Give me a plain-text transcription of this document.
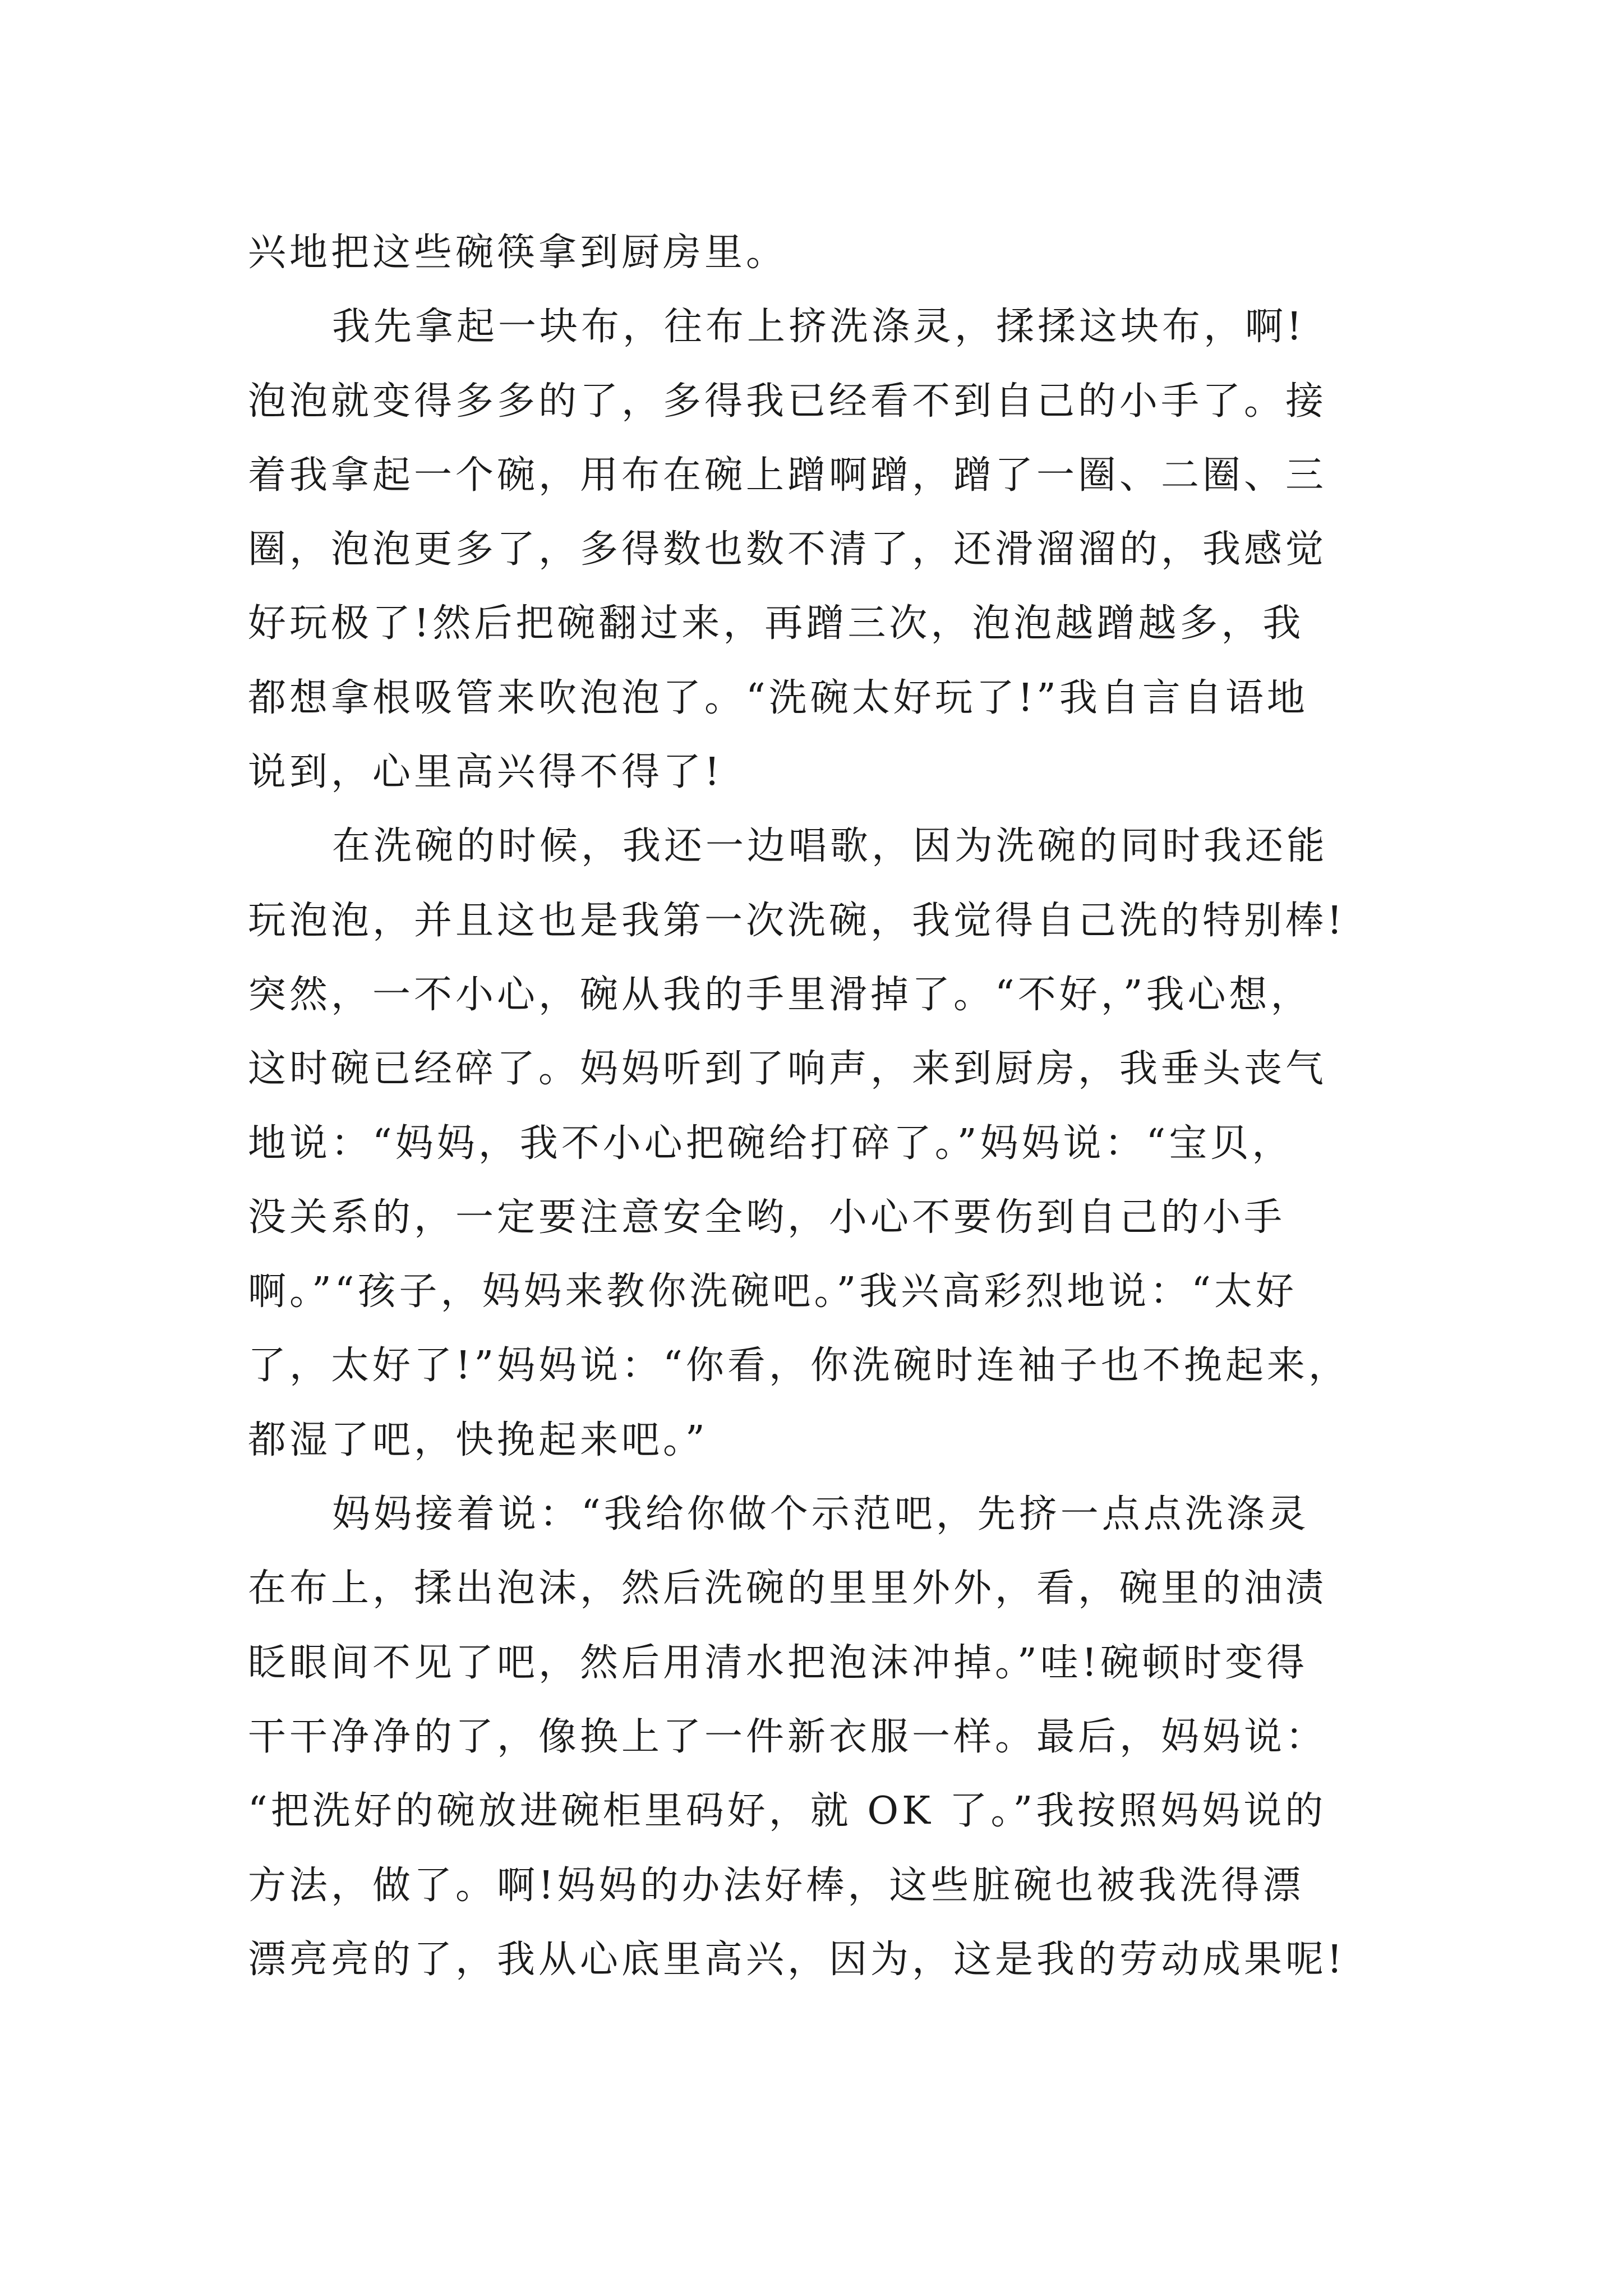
兴地把这些碗筷拿到厨房里。
我先拿起一块布，往布上挤洗涤灵，揉揉这块布，啊!
泡泡就变得多多的了，多得我已经看不到自己的小手了。接
着我拿起一个碗，用布在碗上蹭啊蹭，蹭了一圈、二圈、三
圈，泡泡更多了，多得数也数不清了，还滑溜溜的，我感觉
好玩极了!然后把碗翻过来，再蹭三次，泡泡越蹭越多，我
都想拿根吸管来吹泡泡了。“洗碗太好玩了!”我自言自语地
说到，心里高兴得不得了!
在洗碗的时候，我还一边唱歌，因为洗碗的同时我还能
玩泡泡，并且这也是我第一次洗碗，我觉得自己洗的特别棒!
突然，一不小心，碗从我的手里滑掉了。“不好，”我心想，
这时碗已经碎了。妈妈听到了响声，来到厨房，我垂头丧气
地说：“妈妈，我不小心把碗给打碎了。”妈妈说：“宝贝，
没关系的，一定要注意安全哟，小心不要伤到自己的小手
啊。”“孩子，妈妈来教你洗碗吧。”我兴高彩烈地说：“太好
了，太好了!”妈妈说：“你看，你洗碗时连袖子也不挽起来，
都湿了吧，快挽起来吧。”
妈妈接着说：“我给你做个示范吧，先挤一点点洗涤灵
在布上，揉出泡沫，然后洗碗的里里外外，看，碗里的油渍
眨眼间不见了吧，然后用清水把泡沫冲掉。”哇!碗顿时变得
干干净净的了，像换上了一件新衣服一样。最后，妈妈说：
“把洗好的碗放进碗柜里码好，就 OK 了。”我按照妈妈说的
方法，做了。啊!妈妈的办法好棒，这些脏碗也被我洗得漂
漂亮亮的了，我从心底里高兴，因为，这是我的劳动成果呢!
